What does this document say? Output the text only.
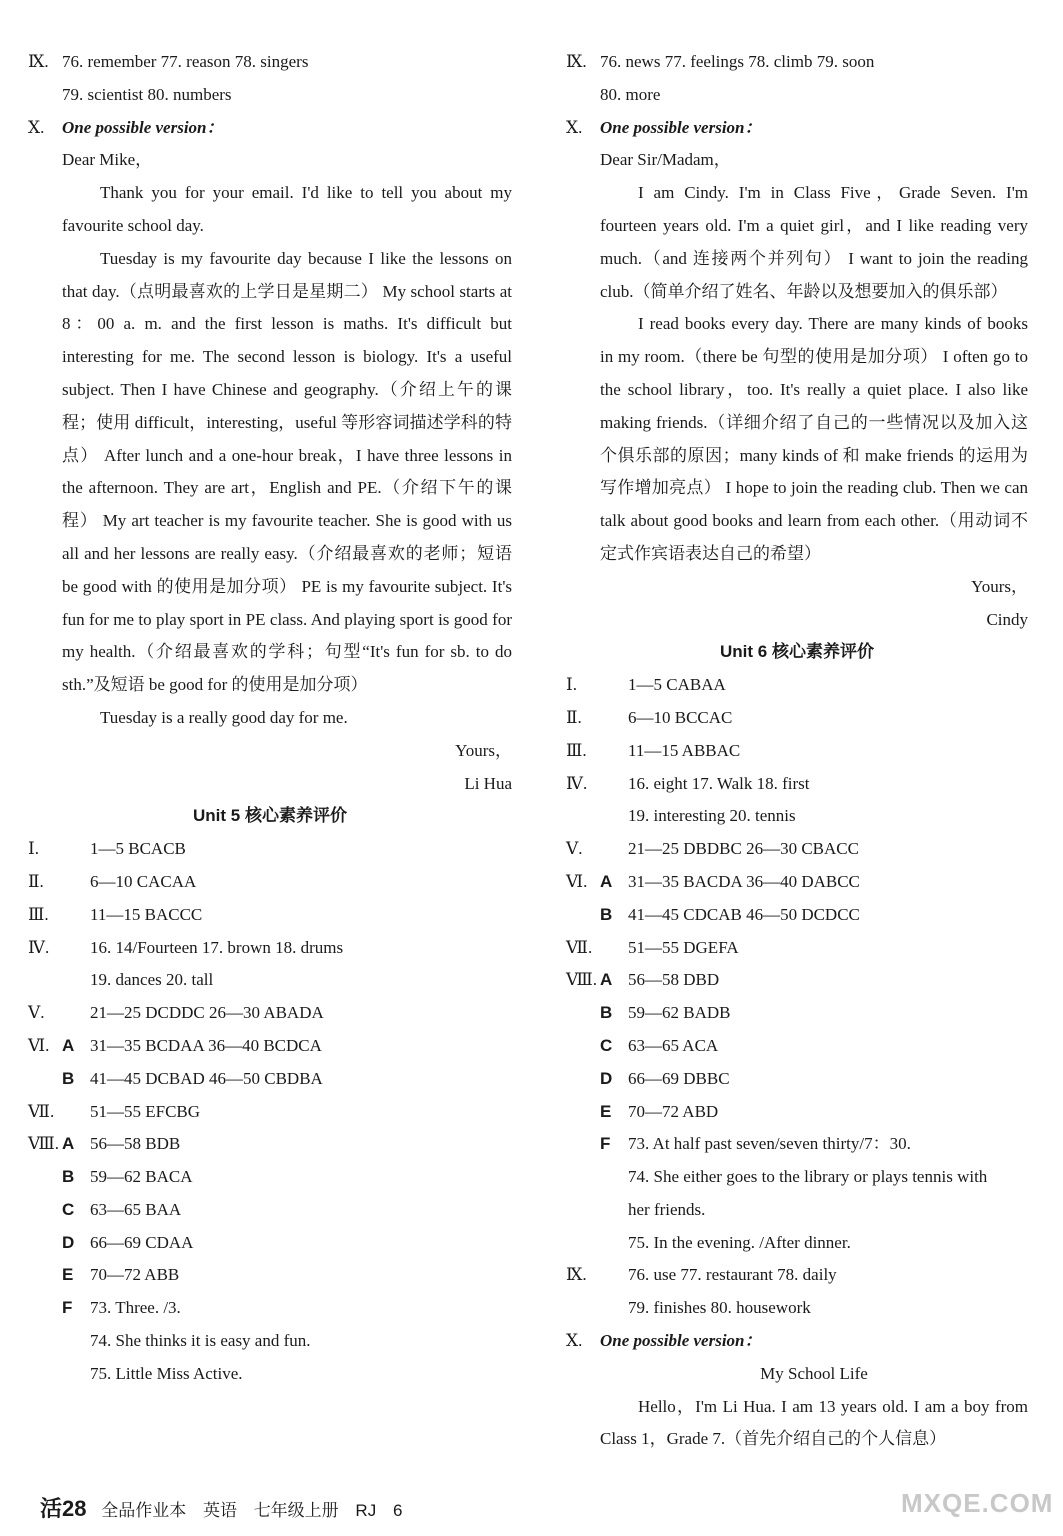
Ⅸ. 76. remember 77. reason 78. singers
79. scientist 80. numbers
Ⅹ. One possible version：

Dear Mike，

Thank you for your email. I'd like to tell you about my favourite school day.

Tuesday is my favourite day because I like the lessons on that day.（点明最喜欢的上学日是星期二） My school starts at 8：00 a. m. and the first lesson is maths. It's difficult but interesting for me. The second lesson is biology. It's a useful subject. Then I have Chinese and geography.（介绍上午的课程；使用 difficult，interesting，useful 等形容词描述学科的特点） After lunch and a one-hour break，I have three lessons in the afternoon. They are art，English and PE.（介绍下午的课程） My art teacher is my favourite teacher. She is good with us all and her lessons are really easy.（介绍最喜欢的老师；短语 be good with 的使用是加分项） PE is my favourite subject. It's fun for me to play sport in PE class. And playing sport is good for my health.（介绍最喜欢的学科；句型“It's fun for sb. to do sth.”及短语 be good for 的使用是加分项）

Tuesday is a really good day for me.

Yours，

Li Hua

Unit 5 核心素养评价
Ⅰ.	1—5 BCACB
Ⅱ.	6—10 CACAA
Ⅲ. 11—15 BACCC
Ⅳ. 16. 14/Fourteen 17. brown 18. drums
19. dances 20. tall
Ⅴ.	21—25 DCDDC 26—30 ABADA
Ⅵ. A 31—35 BCDAA 36—40 BCDCA
B 41—45 DCBAD 46—50 CBDBA
Ⅶ. 51—55 EFCBG
Ⅷ. A 56—58 BDB
B 59—62 BACA
C 63—65 BAA
D 66—69 CDAA
E 70—72 ABB
F 73. Three. /3.
74. She thinks it is easy and fun.
75. Little Miss Active.
Ⅸ. 76. news 77. feelings 78. climb 79. soon
80. more
Ⅹ. One possible version：

Dear Sir/Madam，

I am Cindy. I'm in Class Five，Grade Seven. I'm fourteen years old. I'm a quiet girl，and I like reading very much.（and 连接两个并列句） I want to join the reading club.（简单介绍了姓名、年龄以及想要加入的俱乐部）

I read books every day. There are many kinds of books in my room.（there be 句型的使用是加分项） I often go to the school library，too. It's really a quiet place. I also like making friends.（详细介绍了自己的一些情况以及加入这个俱乐部的原因；many kinds of 和 make friends 的运用为写作增加亮点） I hope to join the reading club. Then we can talk about good books and learn from each other.（用动词不定式作宾语表达自己的希望）

Yours，

Cindy

Unit 6 核心素养评价
Ⅰ.	1—5 CABAA
Ⅱ.	6—10 BCCAC
Ⅲ. 11—15 ABBAC
Ⅳ. 16. eight 17. Walk 18. first
19. interesting 20. tennis
Ⅴ.	21—25 DBDBC 26—30 CBACC
Ⅵ. A 31—35 BACDA 36—40 DABCC
B 41—45 CDCAB 46—50 DCDCC
Ⅶ. 51—55 DGEFA
Ⅷ. A 56—58 DBD
B 59—62 BADB
C 63—65 ACA
D 66—69 DBBC
E 70—72 ABD
F 73. At half past seven/seven thirty/7：30.
74. She either goes to the library or plays tennis with
her friends.
75. In the evening. /After dinner.
Ⅸ. 76. use 77. restaurant 78. daily
79. finishes 80. housework
Ⅹ. One possible version：

My School Life

Hello，I'm Li Hua. I am 13 years old. I am a boy from Class 1，Grade 7.（首先介绍自己的个人信息）

活28 全品作业本 英语 七年级上册 RJ 6	MXQE.COM
